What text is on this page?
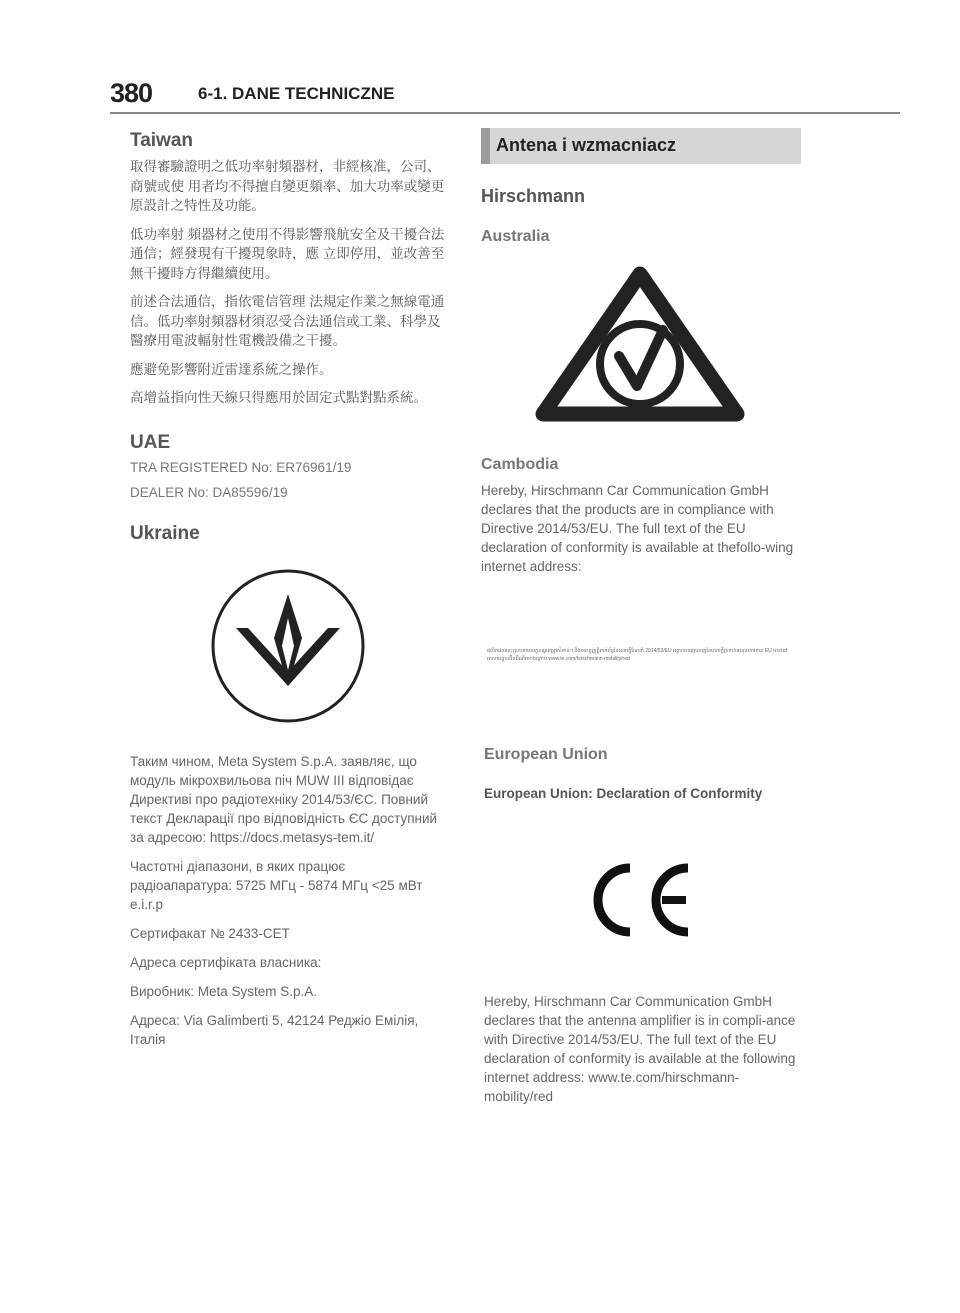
380	6-1. DANE TECHNICZNE
Taiwan

取得審驗證明之低功率射頻器材，非經核准，公司、商號或使 用者均不得擅自變更頻率、加大功率或變更原設計之特性及功能。

低功率射 頻器材之使用不得影響飛航安全及干擾合法通信；經發現有干擾現象時，應 立即停用，並改善至無干擾時方得繼續使用。

前述合法通信，指依電信管理 法規定作業之無線電通信。低功率射頻器材須忍受合法通信或工業、科學及 醫療用電波輻射性電機設備之干擾。

應避免影響附近雷達系統之操作。

高增益指向性天線只得應用於固定式點對點系統。

UAE
TRA REGISTERED No: ER76961/19
DEALER No: DA85596/19
Ukraine

Таким чином, Meta System S.p.A. заявляє, що модуль мікрохвильова піч MUW III відповідає Директиві про радіотехніку 2014/53/ЄС. Повний текст Декларації про відповідність ЄС доступний за адресою: https://docs.metasys-tem.it/

Частотні діапазони, в яких працює радіоапаратура: 5725 МГц - 5874 МГц <25 мВт e.i.r.p

Сертифакат № 2433-CET

Адреса сертифіката власника:

Виробник: Meta System S.p.A.

Адреса: Via Galimberti 5, 42124 Реджіо Емілія, Італія

Antena i wzmacniacz
Hirschmann
Australia
Cambodia
Hereby, Hirschmann Car Communication GmbH declares that the products are in compliance with Directive 2014/53/EU. The full text of the EU declaration of conformity is available at thefollo-wing internet address:
ផលិតផលនេះស្របតាមលក្ខខណ្ឌតម្រូវសំខាន់ៗ និងបទប្បញ្ញត្តិពាក់ព័ន្ធនៃសេចក្តីណែនាំ 2014/53/EU អត្ថបទពេញលេញនៃសេចក្តីប្រកាសអនុលោមភាព EU មាននៅអាសយដ្ឋានអ៊ីនធឺណិតខាងក្រោម www.te.com/hirschmann-mobility/red
European Union
European Union: Declaration of Conformity
Hereby, Hirschmann Car Communication GmbH declares that the antenna amplifier is in compli-ance with Directive 2014/53/EU. The full text of the EU declaration of conformity is available at the following internet address: www.te.com/hirschmann-mobility/red
